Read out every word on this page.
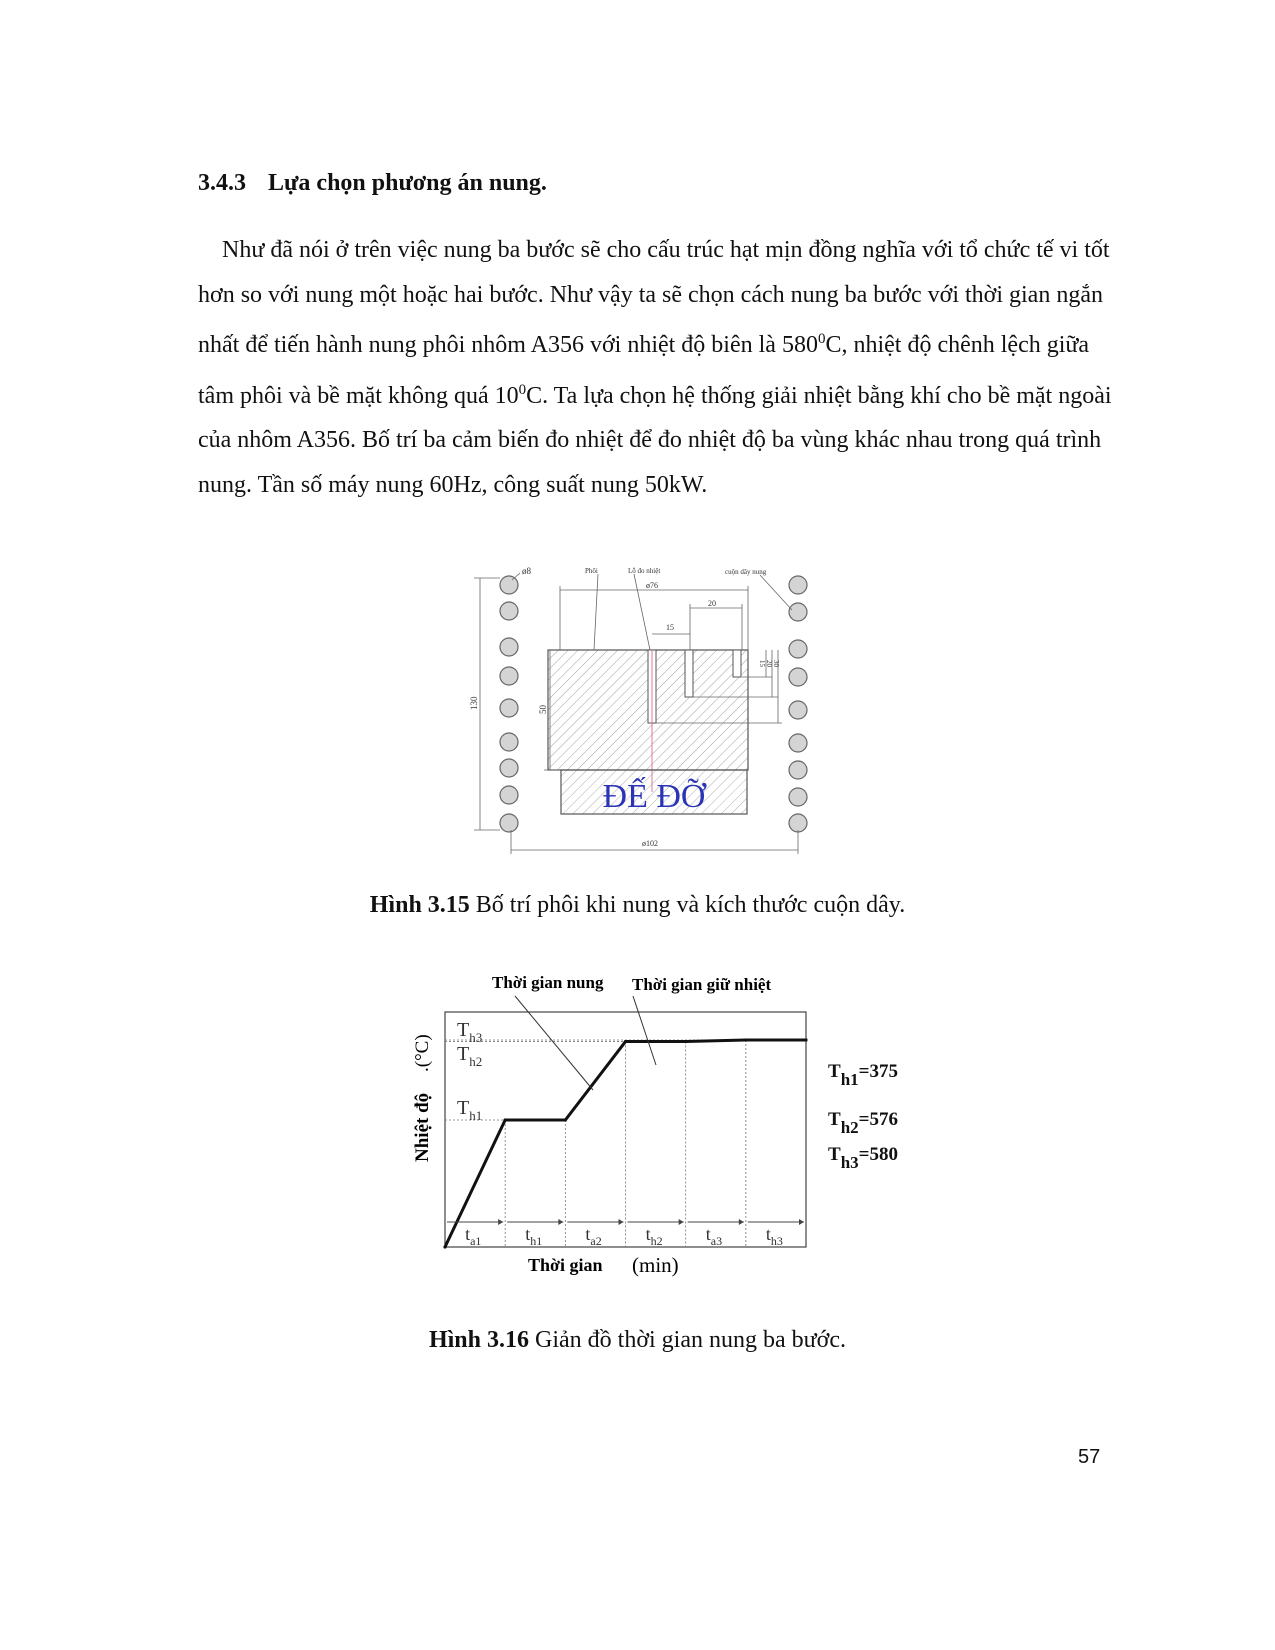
3.4.3 Lựa chọn phương án nung.

Như đã nói ở trên việc nung ba bước sẽ cho cấu trúc hạt mịn đồng nghĩa với tổ chức tế vi tốt hơn so với nung một hoặc hai bước. Như vậy ta sẽ chọn cách nung ba bước với thời gian ngắn nhất để tiến hành nung phôi nhôm A356 với nhiệt độ biên là $580^0C$, nhiệt độ chênh lệch giữa tâm phôi và bề mặt không quá $10^0C$. Ta lựa chọn hệ thống giải nhiệt bằng khí cho bề mặt ngoài của nhôm A356. Bố trí ba cảm biến đo nhiệt để đo nhiệt độ ba vùng khác nhau trong quá trình nung. Tần số máy nung 60Hz, công suất nung 50kW.

ĐẾ ĐỠ
ø8	Phôi	Lỗ đo nhiệt	cuộn dây nung
ø76
20
15
15 20 30
50
130
ø102

Hình 3.15 Bố trí phôi khi nung và kích thước cuộn dây.

Thời gian nung Thời gian giữ nhiệt
$T_{h1}$
$T_{h2}$
$T_{h3}$
$t_{a1}$ $t_{h1}$ $t_{a2}$ $t_{h2}$ $t_{a3}$ $t_{h3}$
Nhiệt độ
.(°C)
Thời gian (min)
Th1=375
Th2=576
Th3=580

Hình 3.16 Giản đồ thời gian nung ba bước.

57
